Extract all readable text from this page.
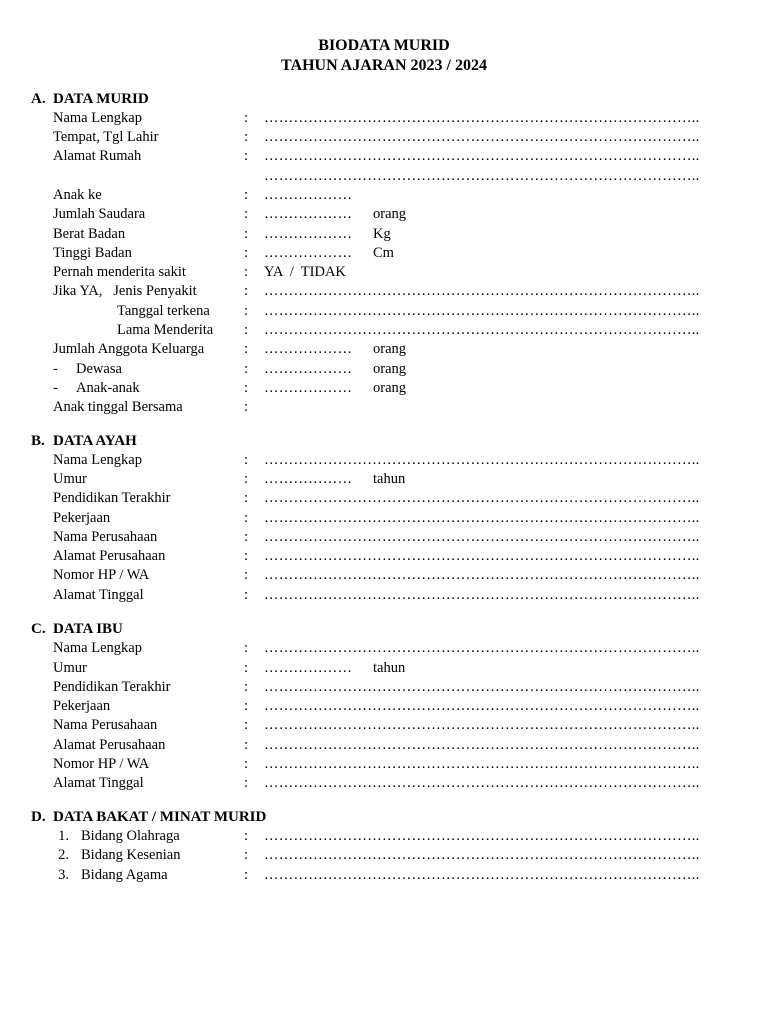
BIODATA MURID
TAHUN AJARAN 2023 / 2024
A. DATA MURID
Nama Lengkap	: ……………………………………………………………………………..
Tempat, Tgl Lahir	: ……………………………………………………………………………..
Alamat Rumah	: ……………………………………………………………………………..
……………………………………………………………………………..
Anak ke	: ………………
Jumlah Saudara	: ……………… orang
Berat Badan	: ……………… Kg
Tinggi Badan	: ……………… Cm
Pernah menderita sakit	: YA  /  TIDAK
Jika YA,   Jenis Penyakit	: ……………………………………………………………………………..
Tanggal terkena : ……………………………………………………………………………..
Lama Menderita : ……………………………………………………………………………..
Jumlah Anggota Keluarga	: ……………… orang
- Dewasa	: ……………… orang
- Anak-anak	: ……………… orang
Anak tinggal Bersama	:
B. DATA AYAH
Nama Lengkap	: ……………………………………………………………………………..
Umur	: ……………… tahun
Pendidikan Terakhir	: ……………………………………………………………………………..
Pekerjaan	: ……………………………………………………………………………..
Nama Perusahaan	: ……………………………………………………………………………..
Alamat Perusahaan	: ……………………………………………………………………………..
Nomor HP / WA	: ……………………………………………………………………………..
Alamat Tinggal	: ……………………………………………………………………………..
C. DATA IBU
Nama Lengkap	: ……………………………………………………………………………..
Umur	: ……………… tahun
Pendidikan Terakhir	: ……………………………………………………………………………..
Pekerjaan	: ……………………………………………………………………………..
Nama Perusahaan	: ……………………………………………………………………………..
Alamat Perusahaan	: ……………………………………………………………………………..
Nomor HP / WA	: ……………………………………………………………………………..
Alamat Tinggal	: ……………………………………………………………………………..
D. DATA BAKAT / MINAT MURID
1. Bidang Olahraga	: ……………………………………………………………………………..
2. Bidang Kesenian	: ……………………………………………………………………………..
3. Bidang Agama	: ……………………………………………………………………………..
